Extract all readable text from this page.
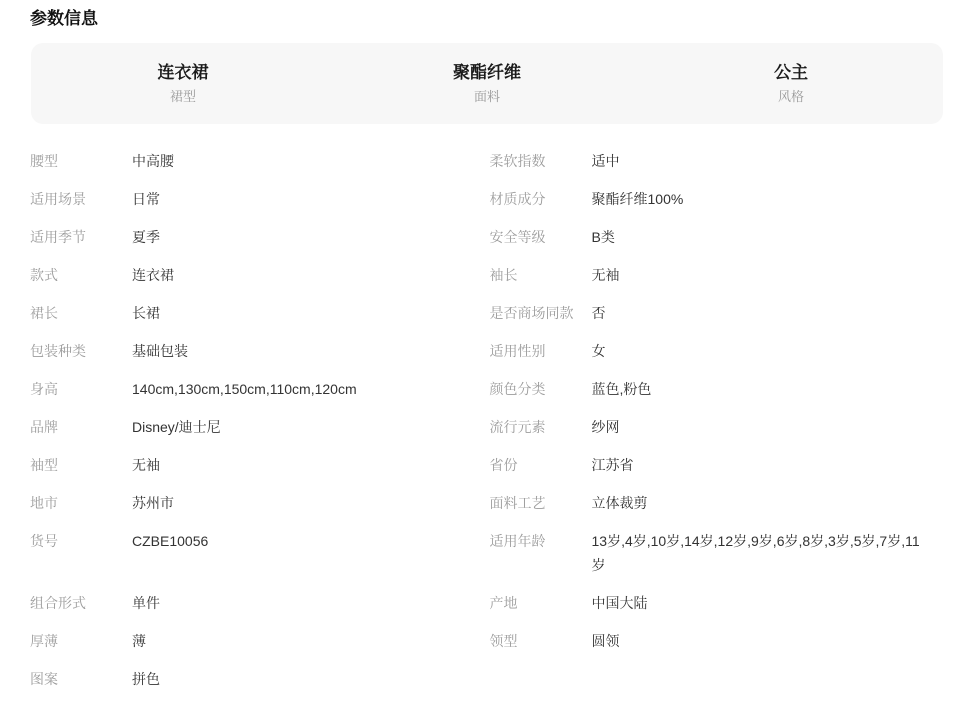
参数信息
连衣裙
裙型
聚酯纤维
面料
公主
风格
腰型	中高腰	柔软指数	适中
适用场景	日常	材质成分	聚酯纤维100%
适用季节	夏季	安全等级	B类
款式	连衣裙	袖长	无袖
裙长	长裙	是否商场同款	否
包装种类	基础包装	适用性别	女
身高	140cm,130cm,150cm,110cm,120cm	颜色分类	蓝色,粉色
品牌	Disney/迪士尼	流行元素	纱网
袖型	无袖	省份	江苏省
地市	苏州市	面料工艺	立体裁剪
货号	CZBE10056	适用年龄	13岁,4岁,10岁,14岁,12岁,9岁,6岁,8岁,3岁,5岁,7岁,11岁
组合形式	单件	产地	中国大陆
厚薄	薄	领型	圆领
图案	拼色
